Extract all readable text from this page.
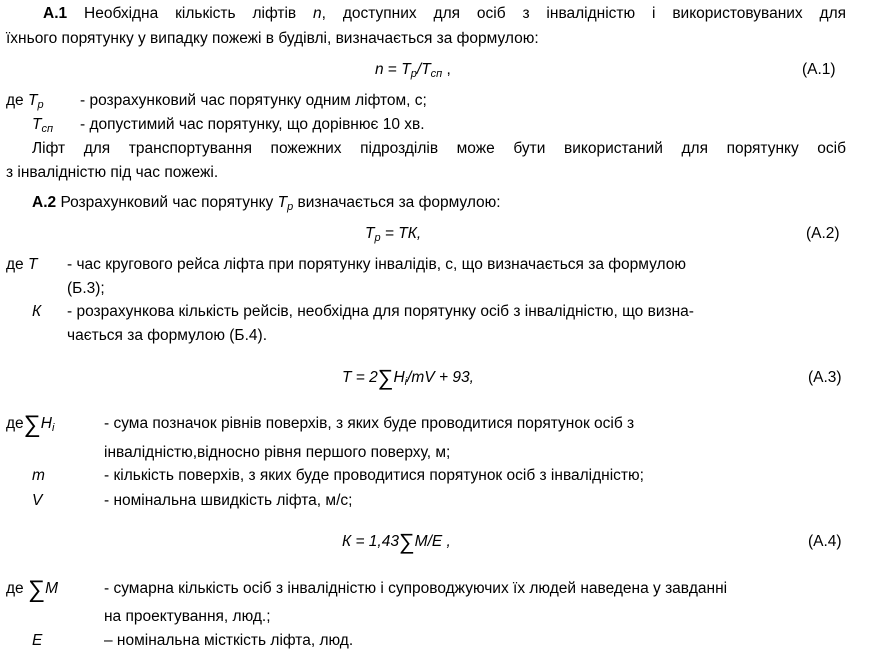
А.1 Необхідна кількість ліфтів n, доступних для осіб з інвалідністю і використовуваних для
їхнього порятунку у випадку пожежі в будівлі, визначається за формулою:
$n = T_р/T_{сп}$ ,	(А.1)
де $T_р$ - розрахунковий час порятунку одним ліфтом, с;
$T_{сп}$ - допустимий час порятунку, що дорівнює 10 хв.
Ліфт для транспортування пожежних підрозділів може бути використаний для порятунку осіб
з інвалідністю під час пожежі.
А.2 Розрахунковий час порятунку $T_р$ визначається за формулою:
$T_р$ = ТК,	(А.2)
де T - час кругового рейса ліфта при порятунку інвалідів, с, що визначається за формулою
(Б.3);
К - розрахункова кількість рейсів, необхідна для порятунку осіб з інвалідністю, що визна-
чається за формулою (Б.4).
$T = 2\sum H_i/mV + 93$,	(А.3)
$де\sum H_i$	- сума позначок рівнів поверхів, з яких буде проводитися порятунок осіб з
інвалідністю,відносно рівня першого поверху, м;
m	- кількість поверхів, з яких буде проводитися порятунок осіб з інвалідністю;
V	- номінальна швидкість ліфта, м/с;
К = 1,43∑M/E ,	(А.4)
де ∑M	- сумарна кількість осіб з інвалідністю і супроводжуючих їх людей наведена у завданні
на проектування, люд.;
E	– номінальна місткість ліфта, люд.
